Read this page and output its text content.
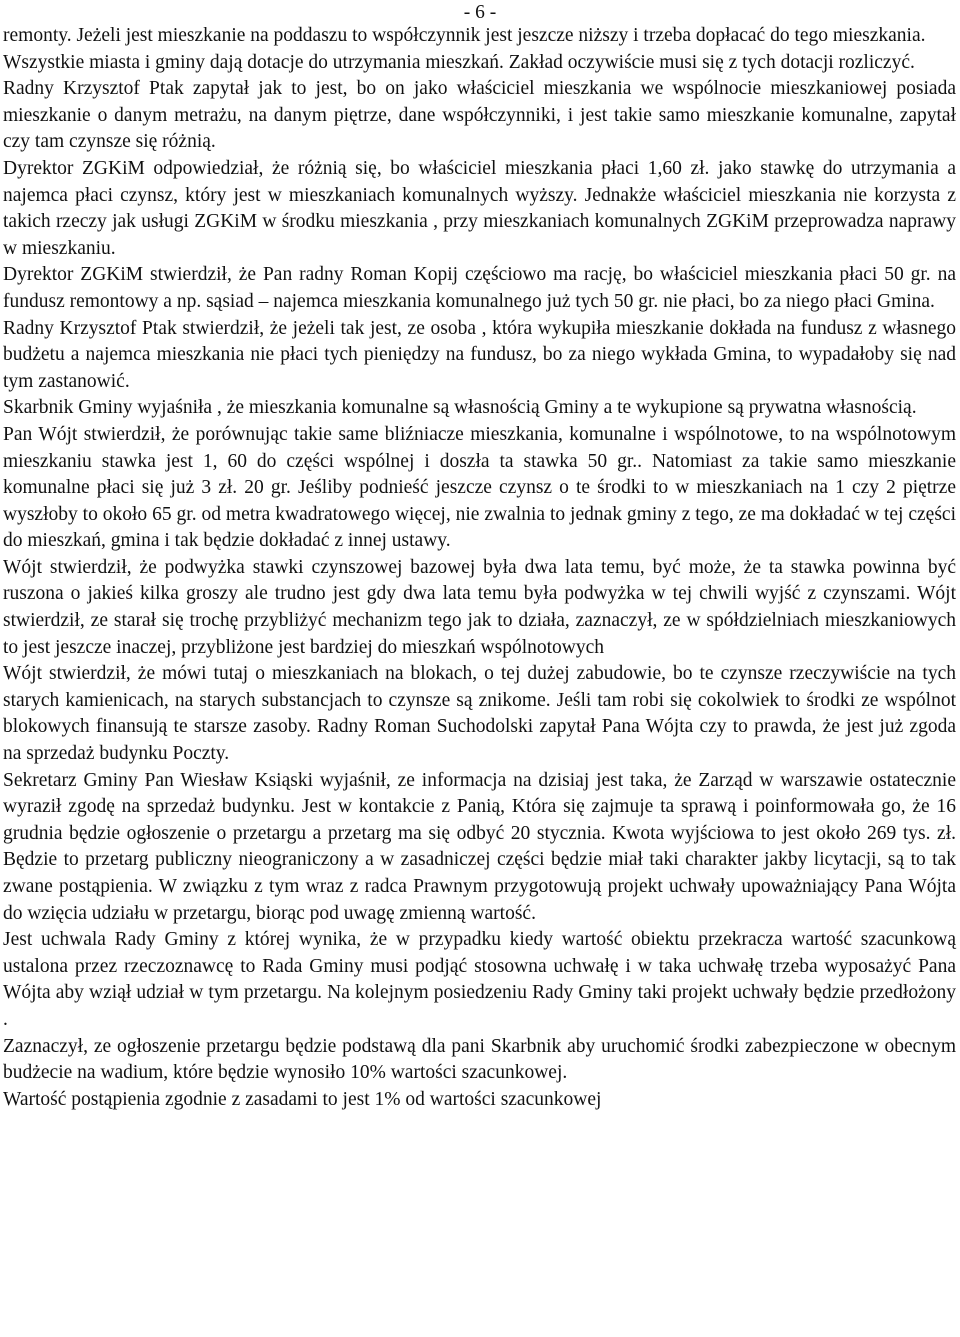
- 6 -

remonty. Jeżeli jest mieszkanie na poddaszu to współczynnik jest jeszcze niższy i trzeba dopłacać do tego mieszkania.

Wszystkie miasta i gminy dają dotacje do utrzymania mieszkań. Zakład oczywiście musi się z tych dotacji rozliczyć.

Radny Krzysztof Ptak zapytał jak to jest, bo on jako właściciel mieszkania we wspólnocie mieszkaniowej posiada mieszkanie o danym metrażu, na danym piętrze, dane współczynniki, i jest takie samo mieszkanie komunalne, zapytał czy tam czynsze się różnią.

Dyrektor ZGKiM odpowiedział, że różnią się, bo właściciel mieszkania płaci 1,60 zł. jako stawkę do utrzymania a najemca płaci czynsz, który jest w mieszkaniach komunalnych wyższy. Jednakże właściciel mieszkania nie korzysta z takich rzeczy jak usługi ZGKiM w środku mieszkania , przy mieszkaniach komunalnych ZGKiM przeprowadza naprawy w mieszkaniu.

Dyrektor ZGKiM stwierdził, że Pan radny Roman Kopij częściowo ma rację, bo właściciel mieszkania płaci 50 gr. na fundusz remontowy a np. sąsiad – najemca mieszkania komunalnego już tych 50 gr. nie płaci, bo za niego płaci Gmina.

Radny Krzysztof Ptak stwierdził, że jeżeli tak jest, ze osoba , która wykupiła mieszkanie dokłada na fundusz z własnego budżetu a najemca mieszkania nie płaci tych pieniędzy na fundusz, bo za niego wykłada Gmina, to wypadałoby się nad tym zastanowić.

Skarbnik Gminy wyjaśniła , że mieszkania komunalne są własnością Gminy a te wykupione są prywatna własnością.

Pan Wójt stwierdził, że porównując takie same bliźniacze mieszkania, komunalne i wspólnotowe, to na wspólnotowym mieszkaniu stawka jest 1, 60 do części wspólnej i doszła ta stawka 50 gr.. Natomiast za takie samo mieszkanie komunalne płaci się już 3 zł. 20 gr. Jeśliby podnieść jeszcze czynsz o te środki to w mieszkaniach na 1 czy 2 piętrze wyszłoby to około 65 gr. od metra kwadratowego więcej, nie zwalnia to jednak gminy z tego, ze ma dokładać w tej części do mieszkań, gmina i tak będzie dokładać z innej ustawy.

Wójt stwierdził, że podwyżka stawki czynszowej bazowej była dwa lata temu, być może, że ta stawka powinna być ruszona o jakieś kilka groszy ale trudno jest gdy dwa lata temu była podwyżka w tej chwili wyjść z czynszami. Wójt stwierdził, ze starał się trochę przybliżyć mechanizm tego jak to działa, zaznaczył, ze w spółdzielniach mieszkaniowych to jest jeszcze inaczej, przybliżone jest bardziej do mieszkań wspólnotowych

Wójt stwierdził, że mówi tutaj o mieszkaniach na blokach, o tej dużej zabudowie, bo te czynsze rzeczywiście na tych starych kamienicach, na starych substancjach to czynsze są znikome. Jeśli tam robi się cokolwiek to środki ze wspólnot blokowych finansują te starsze zasoby. Radny Roman Suchodolski zapytał Pana Wójta czy to prawda, że jest już zgoda na sprzedaż budynku Poczty.

Sekretarz Gminy Pan Wiesław Ksiąski wyjaśnił, ze informacja na dzisiaj jest taka, że Zarząd w warszawie ostatecznie wyraził zgodę na sprzedaż budynku. Jest w kontakcie z Panią, Która się zajmuje ta sprawą i poinformowała go, że 16 grudnia będzie ogłoszenie o przetargu a przetarg ma się odbyć 20 stycznia. Kwota wyjściowa to jest około 269 tys. zł. Będzie to przetarg publiczny nieograniczony a w zasadniczej części będzie miał taki charakter jakby licytacji, są to tak zwane postąpienia. W związku z tym wraz z radca Prawnym przygotowują projekt uchwały upoważniający Pana Wójta do wzięcia udziału w przetargu, biorąc pod uwagę zmienną wartość.

Jest uchwala Rady Gminy z której wynika, że w przypadku kiedy wartość obiektu przekracza wartość szacunkową ustalona przez rzeczoznawcę to Rada Gminy musi podjąć stosowna uchwałę i w taka uchwałę trzeba wyposażyć Pana Wójta aby wziął udział w tym przetargu. Na kolejnym posiedzeniu Rady Gminy taki projekt uchwały będzie przedłożony .

Zaznaczył, ze ogłoszenie przetargu będzie podstawą dla pani Skarbnik aby uruchomić środki zabezpieczone w obecnym budżecie na wadium, które będzie wynosiło 10% wartości szacunkowej.

Wartość postąpienia zgodnie z zasadami to jest 1% od wartości szacunkowej
